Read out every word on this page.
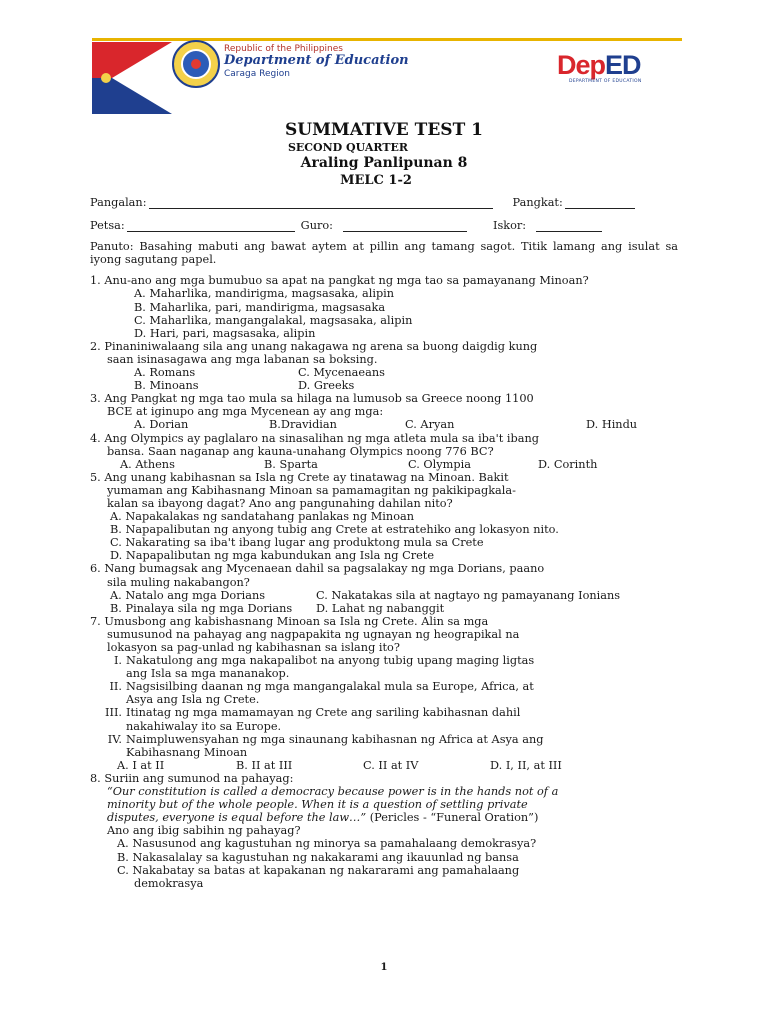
Republic of the Philippines
Department of Education
Caraga Region	DepED
DEPARTMENT OF EDUCATION
SUMMATIVE TEST 1
SECOND QUARTER
Araling Panlipunan 8
MELC 1-2
Pangalan:	Pangkat:
Petsa:	Guro:	Iskor:
Panuto: Basahing mabuti ang bawat aytem at pillin ang tamang sagot. Titik lamang ang isulat sa iyong sagutang papel.
1. Anu-ano ang mga bumubuo sa apat na pangkat ng mga tao sa pamayanang Minoan?
A. Maharlika, mandirigma, magsasaka, alipin
B. Maharlika, pari, mandirigma, magsasaka
C. Maharlika, mangangalakal, magsasaka, alipin
D. Hari, pari, magsasaka, alipin
2. Pinaniniwalaang sila ang unang nakagawa ng arena sa buong daigdig kung
saan isinasagawa ang mga labanan sa boksing.
A. Romans	C. Mycenaeans
B. Minoans	D. Greeks
3. Ang Pangkat ng mga tao mula sa hilaga na lumusob sa Greece noong 1100
BCE at iginupo ang mga Mycenean ay ang mga:
A. Dorian	B.Dravidian	C. Aryan	D. Hindu
4. Ang Olympics ay paglalaro na sinasalihan ng mga atleta mula sa iba't ibang
bansa. Saan naganap ang kauna-unahang Olympics noong 776 BC?
A. Athens	B. Sparta	C. Olympia	D. Corinth
5. Ang unang kabihasnan sa Isla ng Crete ay tinatawag na Minoan. Bakit
yumaman ang Kabihasnang Minoan sa pamamagitan ng pakikipagkala-
kalan sa ibayong dagat? Ano ang pangunahing dahilan nito?
A. Napakalakas ng sandatahang panlakas ng Minoan
B. Napapalibutan ng anyong tubig ang Crete at estratehiko ang lokasyon nito.
C. Nakarating sa iba't ibang lugar ang produktong mula sa Crete
D. Napapalibutan ng mga kabundukan ang Isla ng Crete
6. Nang bumagsak ang Mycenaean dahil sa pagsalakay ng mga Dorians, paano
sila muling nakabangon?
A. Natalo ang mga Dorians	C. Nakatakas sila at nagtayo ng pamayanang Ionians
B. Pinalaya sila ng mga Dorians	D. Lahat ng nabanggit
7. Umusbong ang kabishasnang Minoan sa Isla ng Crete. Alin sa mga
sumusunod na pahayag ang nagpapakita ng ugnayan ng heograpikal na
lokasyon sa pag-unlad ng kabihasnan sa islang ito?
I. Nakatulong ang mga nakapalibot na anyong tubig upang maging ligtas
ang Isla sa mga mananakop.
II. Nagsisilbing daanan ng mga mangangalakal mula sa Europe, Africa, at
Asya ang Isla ng Crete.
III. Itinatag ng mga mamamayan ng Crete ang sariling kabihasnan dahil
nakahiwalay ito sa Europe.
IV. Naimpluwensyahan ng mga sinaunang kabihasnan ng Africa at Asya ang
Kabihasnang Minoan
A. I at II	B. II at III	C. II at IV	D. I, II, at III
8. Suriin ang sumunod na pahayag:
“Our constitution is called a democracy because power is in the hands not of a
minority but of the whole people. When it is a question of settling private
disputes, everyone is equal before the law…” (Pericles - “Funeral Oration”)
Ano ang ibig sabihin ng pahayag?
A. Nasusunod ang kagustuhan ng minorya sa pamahalaang demokrasya?
B. Nakasalalay sa kagustuhan ng nakakarami ang ikauunlad ng bansa
C. Nakabatay sa batas at kapakanan ng nakararami ang pamahalaang
demokrasya
1
